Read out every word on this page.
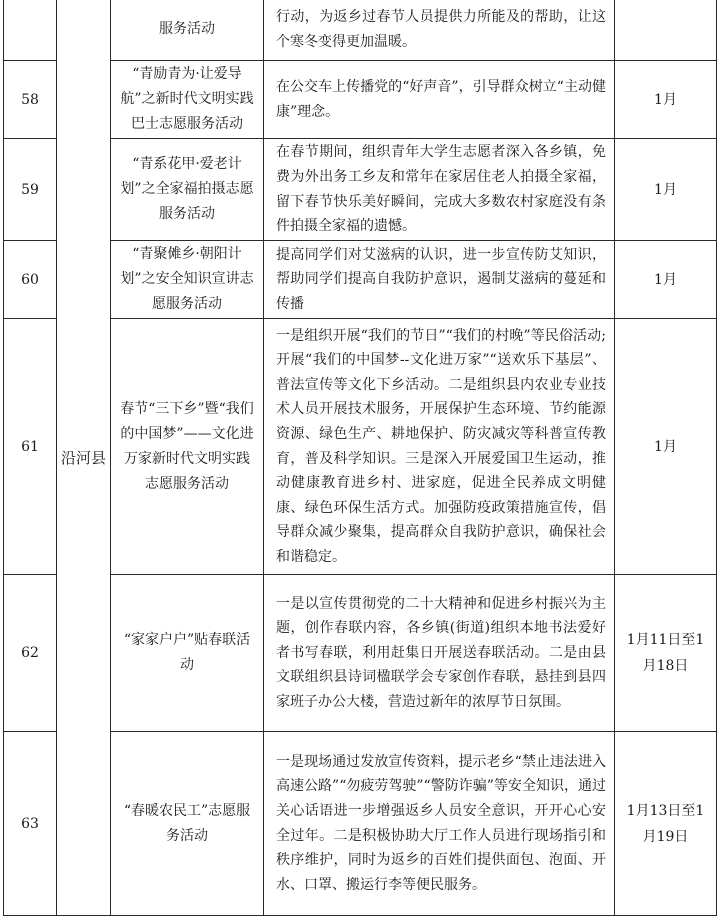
	沿河县	服务活动	行动，为返乡过春节人员提供力所能及的帮助，让这个寒冬变得更加温暖。	
58		“青励青为·让爱导航”之新时代文明实践巴士志愿服务活动	在公交车上传播党的“好声音”，引导群众树立“主动健康”理念。	1月
59		“青系花甲·爱老计划”之全家福拍摄志愿服务活动	在春节期间，组织青年大学生志愿者深入各乡镇，免费为外出务工乡友和常年在家居住老人拍摄全家福，留下春节快乐美好瞬间，完成大多数农村家庭没有条件拍摄全家福的遗憾。	1月
60		“青聚傩乡·朝阳计划”之安全知识宣讲志愿服务活动	提高同学们对艾滋病的认识，进一步宣传防艾知识，帮助同学们提高自我防护意识，遏制艾滋病的蔓延和传播	1月
61		春节“三下乡”暨“我们的中国梦”——文化进万家新时代文明实践志愿服务活动	一是组织开展“我们的节日”“我们的村晚”等民俗活动;开展“我们的中国梦--文化进万家”“送欢乐下基层”、普法宣传等文化下乡活动。二是组织县内农业专业技术人员开展技术服务，开展保护生态环境、节约能源资源、绿色生产、耕地保护、防灾减灾等科普宣传教育，普及科学知识。三是深入开展爱国卫生运动，推动健康教育进乡村、进家庭，促进全民养成文明健康、绿色环保生活方式。加强防疫政策措施宣传，倡导群众减少聚集，提高群众自我防护意识，确保社会和谐稳定。	1月
62		“家家户户”贴春联活动	一是以宣传贯彻党的二十大精神和促进乡村振兴为主题，创作春联内容，各乡镇(街道)组织本地书法爱好者书写春联，利用赶集日开展送春联活动。二是由县文联组织县诗词楹联学会专家创作春联，悬挂到县四家班子办公大楼，营造过新年的浓厚节日氛围。	1月11日至1月18日
63		“春暖农民工”志愿服务活动	一是现场通过发放宣传资料，提示老乡“禁止违法进入高速公路”“勿疲劳驾驶”“警防诈骗”等安全知识，通过关心话语进一步增强返乡人员安全意识，开开心心安全过年。二是积极协助大厅工作人员进行现场指引和秩序维护，同时为返乡的百姓们提供面包、泡面、开水、口罩、搬运行李等便民服务。	1月13日至1月19日
